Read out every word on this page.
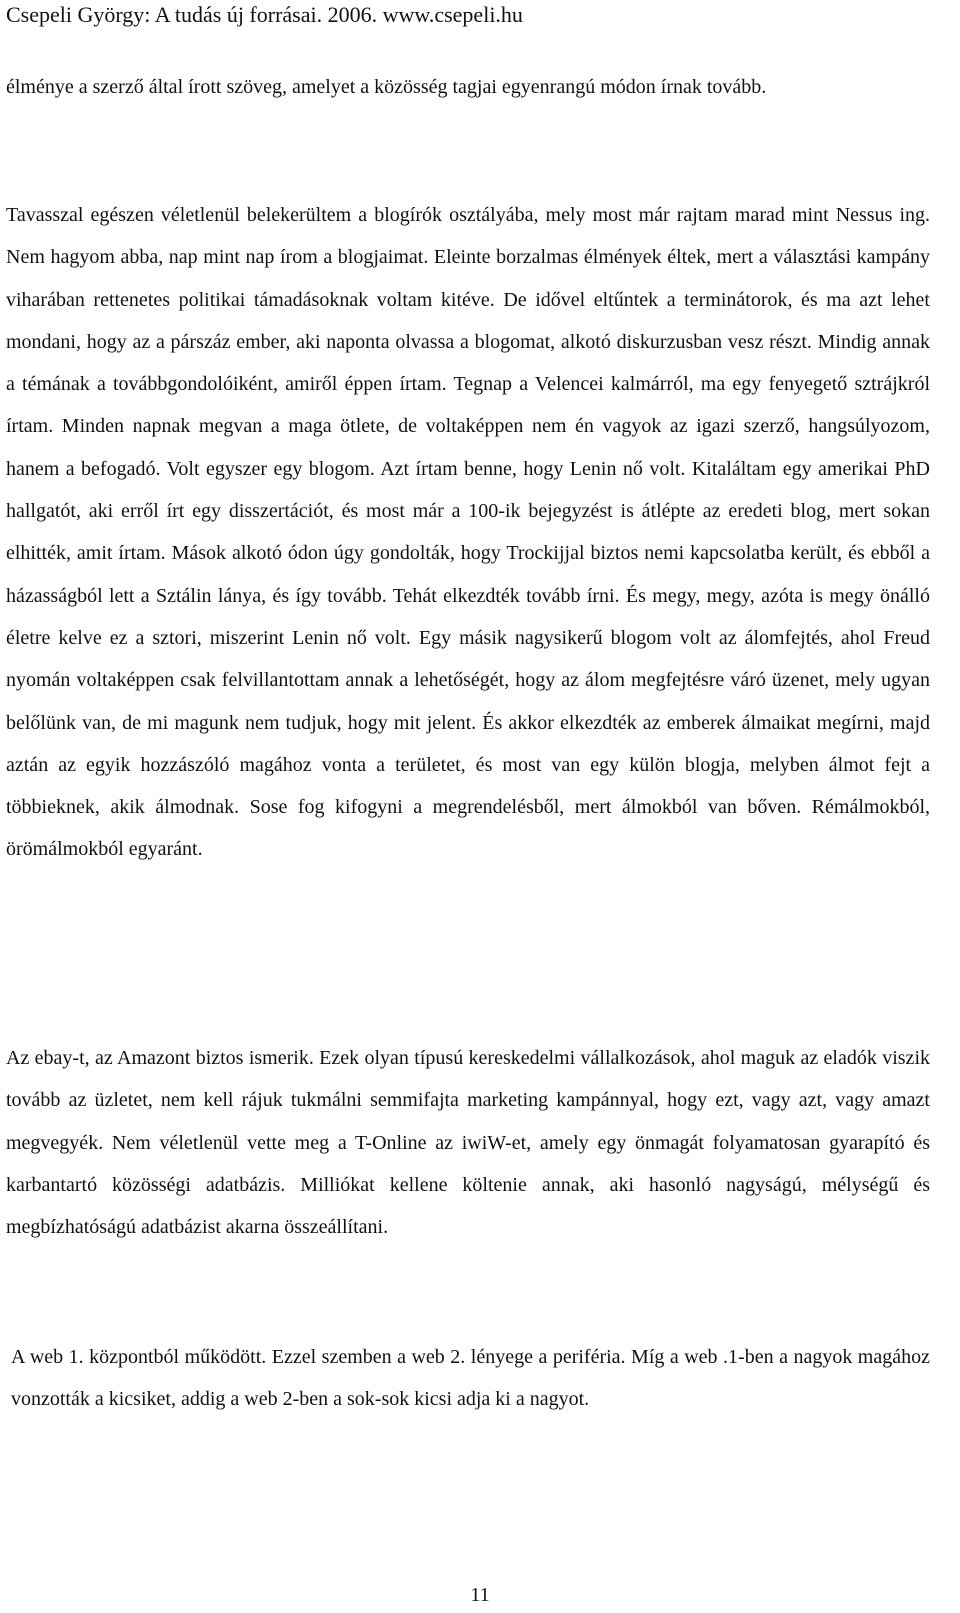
Csepeli György: A tudás új forrásai. 2006. www.csepeli.hu

élménye a szerző által írott szöveg, amelyet a közösség tagjai egyenrangú módon írnak tovább.

Tavasszal egészen véletlenül belekerültem a blogírók osztályába, mely most már rajtam marad mint Nessus ing. Nem hagyom abba, nap mint nap írom a blogjaimat. Eleinte borzalmas élmények éltek, mert a választási kampány viharában rettenetes politikai támadásoknak voltam kitéve. De idővel eltűntek a terminátorok, és ma azt lehet mondani, hogy az a párszáz ember, aki naponta olvassa a blogomat, alkotó diskurzusban vesz részt. Mindig annak a témának a továbbgondolóiként, amiről éppen írtam. Tegnap a Velencei kalmárról, ma egy fenyegető sztrájkról írtam. Minden napnak megvan a maga ötlete, de voltaképpen nem én vagyok az igazi szerző, hangsúlyozom, hanem a befogadó. Volt egyszer egy blogom. Azt írtam benne, hogy Lenin nő volt. Kitaláltam egy amerikai PhD hallgatót, aki erről írt egy disszertációt, és most már a 100-ik bejegyzést is átlépte az eredeti blog, mert sokan elhitték, amit írtam. Mások alkotó ódon úgy gondolták, hogy Trockijjal biztos nemi kapcsolatba került, és ebből a házasságból lett a Sztálin lánya, és így tovább. Tehát elkezdték tovább írni. És megy, megy, azóta is megy önálló életre kelve ez a sztori, miszerint Lenin nő volt. Egy másik nagysikerű blogom volt az álomfejtés, ahol Freud nyomán voltaképpen csak felvillantottam annak a lehetőségét, hogy az álom megfejtésre váró üzenet, mely ugyan belőlünk van, de mi magunk nem tudjuk, hogy mit jelent. És akkor elkezdték az emberek álmaikat megírni, majd aztán az egyik hozzászóló magához vonta a területet, és most van egy külön blogja, melyben álmot fejt a többieknek, akik álmodnak. Sose fog kifogyni a megrendelésből, mert álmokból van bőven. Rémálmokból, örömálmokból egyaránt.

Az ebay-t, az Amazont biztos ismerik. Ezek olyan típusú kereskedelmi vállalkozások, ahol maguk az eladók viszik tovább az üzletet, nem kell rájuk tukmálni semmifajta marketing kampánnyal, hogy ezt, vagy azt, vagy amazt megvegyék. Nem véletlenül vette meg a T-Online az iwiW-et, amely egy önmagát folyamatosan gyarapító és karbantartó közösségi adatbázis. Milliókat kellene költenie annak, aki hasonló nagyságú, mélységű és megbízhatóságú adatbázist akarna összeállítani.

A web 1. központból működött. Ezzel szemben a web 2. lényege a periféria. Míg a web .1-ben a nagyok magához vonzották a kicsiket, addig a web 2-ben a sok-sok kicsi adja ki a nagyot.

11
